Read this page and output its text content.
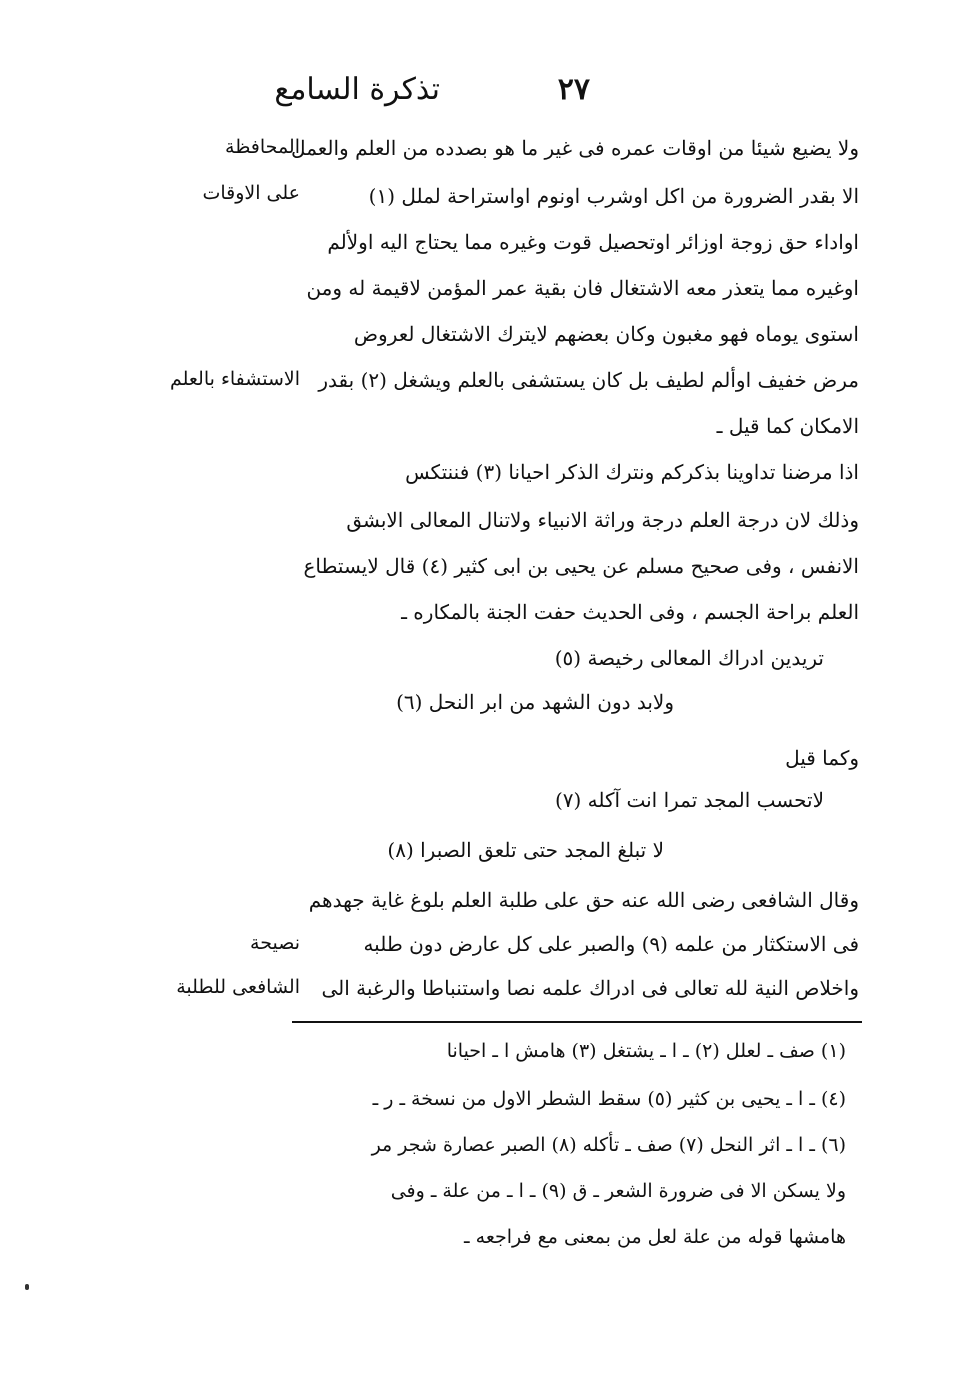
٢٧
تذكرة السامع
ولا يضيع شيئا من اوقات عمره فى غير ما هو بصدده من العلم والعمل
الا بقدر الضرورة من اكل اوشرب اونوم اواستراحة لملل (١)
اواداء حق زوجة اوزائر اوتحصيل قوت وغيره مما يحتاج اليه اولألم
اوغيره مما يتعذر معه الاشتغال فان بقية عمر المؤمن لاقيمة له ومن
استوى يوماه فهو مغبون وكان بعضهم لايترك الاشتغال لعروض
مرض خفيف اوألم لطيف بل كان يستشفى بالعلم ويشغل (٢) بقدر
الامكان كما قيل ـ
اذا مرضنا تداوينا بذكركم ونترك الذكر احيانا (٣) فننتكس
وذلك لان درجة العلم درجة وراثة الانبياء ولاتنال المعالى الابشق
الانفس ، وفى صحيح مسلم عن يحيى بن ابى كثير (٤) قال لايستطاع
العلم براحة الجسم ، وفى الحديث حفت الجنة بالمكاره ـ
تريدين ادراك المعالى رخيصة (٥)
ولابد دون الشهد من ابر النحل (٦)
وكما قيل
لاتحسب المجد تمرا انت آكله (٧)
لا تبلغ المجد حتى تلعق الصبرا (٨)
وقال الشافعى رضى الله عنه حق على طلبة العلم بلوغ غاية جهدهم
فى الاستكثار من علمه (٩) والصبر على كل عارض دون طلبه
واخلاص النية لله تعالى فى ادراك علمه نصا واستنباطا والرغبة الى
المحافظة
على الاوقات
الاستشفاء بالعلم
نصيحة
الشافعى للطلبة
(١) صف ـ لعلل (٢) ـ ا ـ يشتغل (٣) هامش ا ـ احيانا
(٤) ـ ا ـ يحيى بن كثير (٥) سقط الشطر الاول من نسخة ـ ر ـ
(٦) ـ ا ـ اثر النحل (٧) صف ـ تأكله (٨) الصبر عصارة شجر مر
ولا يسكن الا فى ضرورة الشعر ـ ق (٩) ـ ا ـ من علة ـ وفى
هامشها قوله من علة لعل من بمعنى مع فراجعه ـ
